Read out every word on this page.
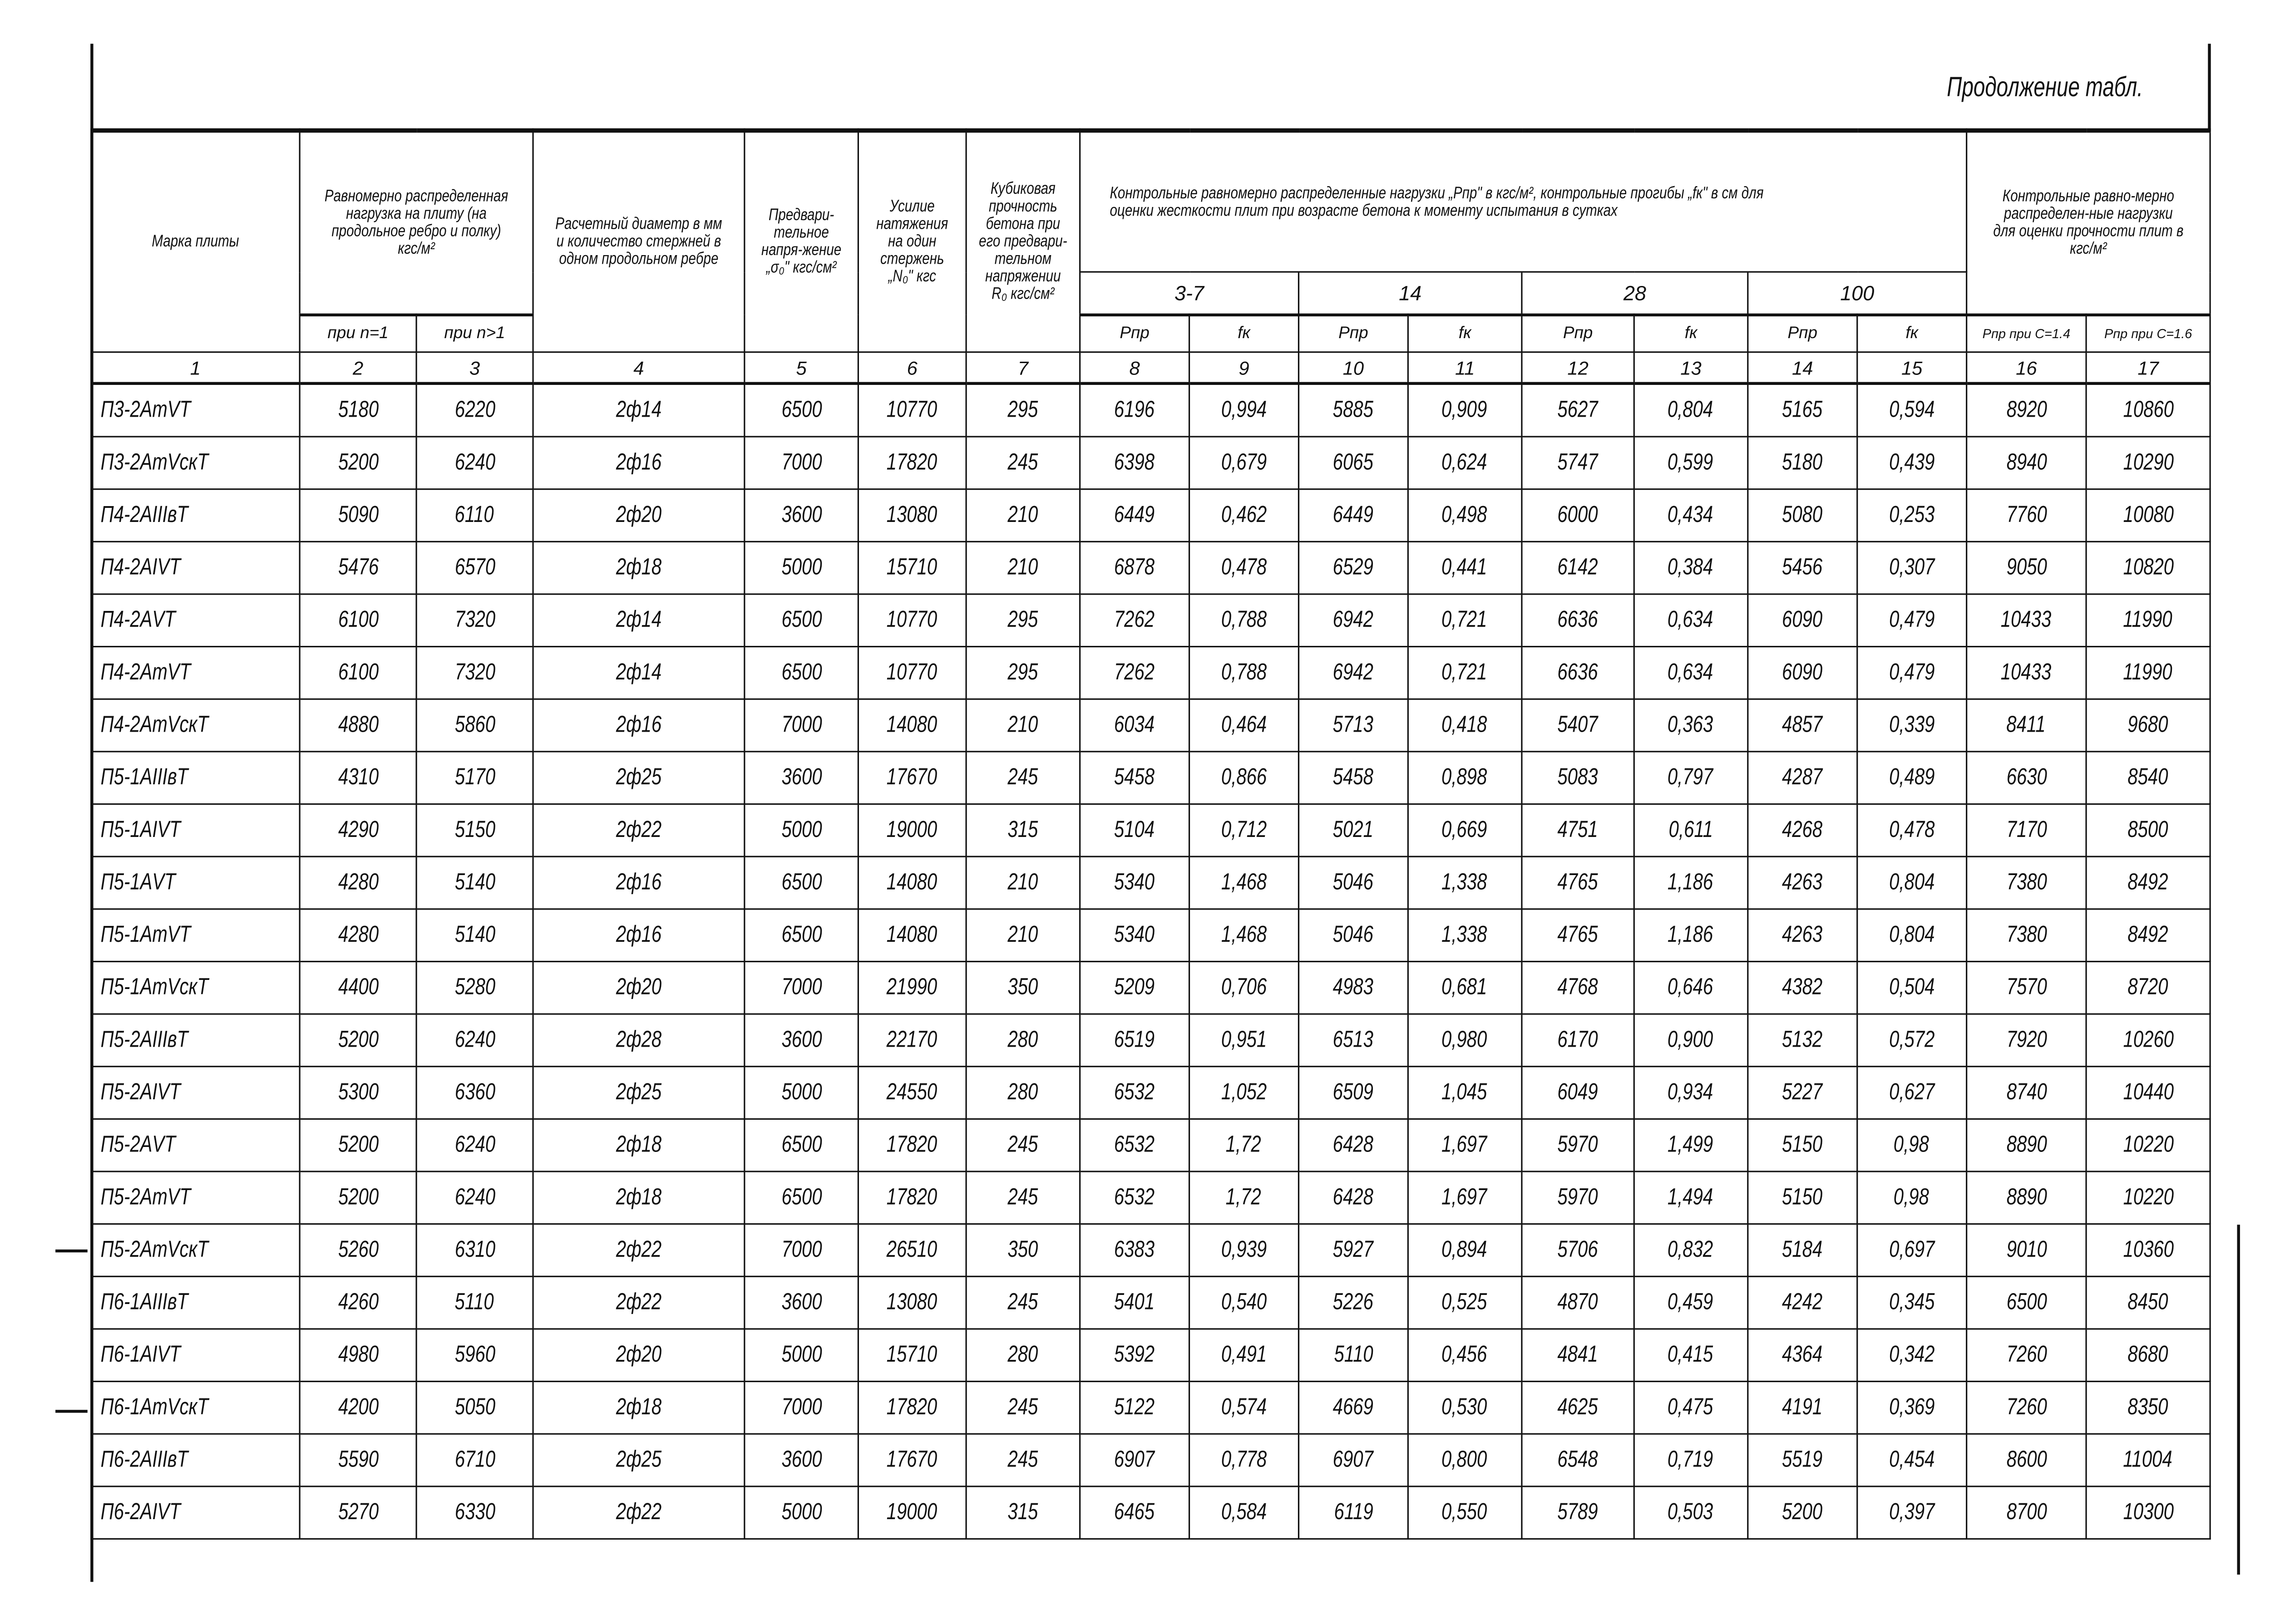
Продолжение табл.
Марка плиты	Равномерно распределенная нагрузка на плиту (на продольное ребро и полку) кгс/м²		Расчетный диаметр в мм и количество стержней в одном продольном ребре	Предвари-тельное напря-жение „σ₀" кгс/см²	Усилие натяжения на один стержень „N₀" кгс	Кубиковая прочность бетона при его предвари-тельном напряжении R₀ кгс/см²	Контрольные равномерно распределенные нагрузки „Pпр" в кгс/м², контрольные прогибы „fк" в см для оценки жесткости плит при возрасте бетона к моменту испытания в сутках								Контрольные равно-мерно распределен-ные нагрузки для оценки прочности плит в кгс/м²	

							3-7		14		28		100			
	при n=1	при n>1					Pпр	fк	Pпр	fк	Pпр	fк	Pпр	fк	Pпр при C=1.4	Pпр при C=1.6
1	2	3	4	5	6	7	8	9	10	11	12	13	14	15	16	17
П3-2АтVТ	5180	6220	2ф14	6500	10770	295	6196	0,994	5885	0,909	5627	0,804	5165	0,594	8920	10860
П3-2АтVскТ	5200	6240	2ф16	7000	17820	245	6398	0,679	6065	0,624	5747	0,599	5180	0,439	8940	10290
П4-2АIIIвТ	5090	6110	2ф20	3600	13080	210	6449	0,462	6449	0,498	6000	0,434	5080	0,253	7760	10080
П4-2АIVТ	5476	6570	2ф18	5000	15710	210	6878	0,478	6529	0,441	6142	0,384	5456	0,307	9050	10820
П4-2АVТ	6100	7320	2ф14	6500	10770	295	7262	0,788	6942	0,721	6636	0,634	6090	0,479	10433	11990
П4-2АтVТ	6100	7320	2ф14	6500	10770	295	7262	0,788	6942	0,721	6636	0,634	6090	0,479	10433	11990
П4-2АтVскТ	4880	5860	2ф16	7000	14080	210	6034	0,464	5713	0,418	5407	0,363	4857	0,339	8411	9680
П5-1АIIIвТ	4310	5170	2ф25	3600	17670	245	5458	0,866	5458	0,898	5083	0,797	4287	0,489	6630	8540
П5-1АIVТ	4290	5150	2ф22	5000	19000	315	5104	0,712	5021	0,669	4751	0,611	4268	0,478	7170	8500
П5-1АVТ	4280	5140	2ф16	6500	14080	210	5340	1,468	5046	1,338	4765	1,186	4263	0,804	7380	8492
П5-1АтVТ	4280	5140	2ф16	6500	14080	210	5340	1,468	5046	1,338	4765	1,186	4263	0,804	7380	8492
П5-1АтVскТ	4400	5280	2ф20	7000	21990	350	5209	0,706	4983	0,681	4768	0,646	4382	0,504	7570	8720
П5-2АIIIвТ	5200	6240	2ф28	3600	22170	280	6519	0,951	6513	0,980	6170	0,900	5132	0,572	7920	10260
П5-2АIVТ	5300	6360	2ф25	5000	24550	280	6532	1,052	6509	1,045	6049	0,934	5227	0,627	8740	10440
П5-2АVТ	5200	6240	2ф18	6500	17820	245	6532	1,72	6428	1,697	5970	1,499	5150	0,98	8890	10220
П5-2АтVТ	5200	6240	2ф18	6500	17820	245	6532	1,72	6428	1,697	5970	1,494	5150	0,98	8890	10220
П5-2АтVскТ	5260	6310	2ф22	7000	26510	350	6383	0,939	5927	0,894	5706	0,832	5184	0,697	9010	10360
П6-1АIIIвТ	4260	5110	2ф22	3600	13080	245	5401	0,540	5226	0,525	4870	0,459	4242	0,345	6500	8450
П6-1АIVТ	4980	5960	2ф20	5000	15710	280	5392	0,491	5110	0,456	4841	0,415	4364	0,342	7260	8680
П6-1АтVскТ	4200	5050	2ф18	7000	17820	245	5122	0,574	4669	0,530	4625	0,475	4191	0,369	7260	8350
П6-2АIIIвТ	5590	6710	2ф25	3600	17670	245	6907	0,778	6907	0,800	6548	0,719	5519	0,454	8600	11004
П6-2АIVТ	5270	6330	2ф22	5000	19000	315	6465	0,584	6119	0,550	5789	0,503	5200	0,397	8700	10300
